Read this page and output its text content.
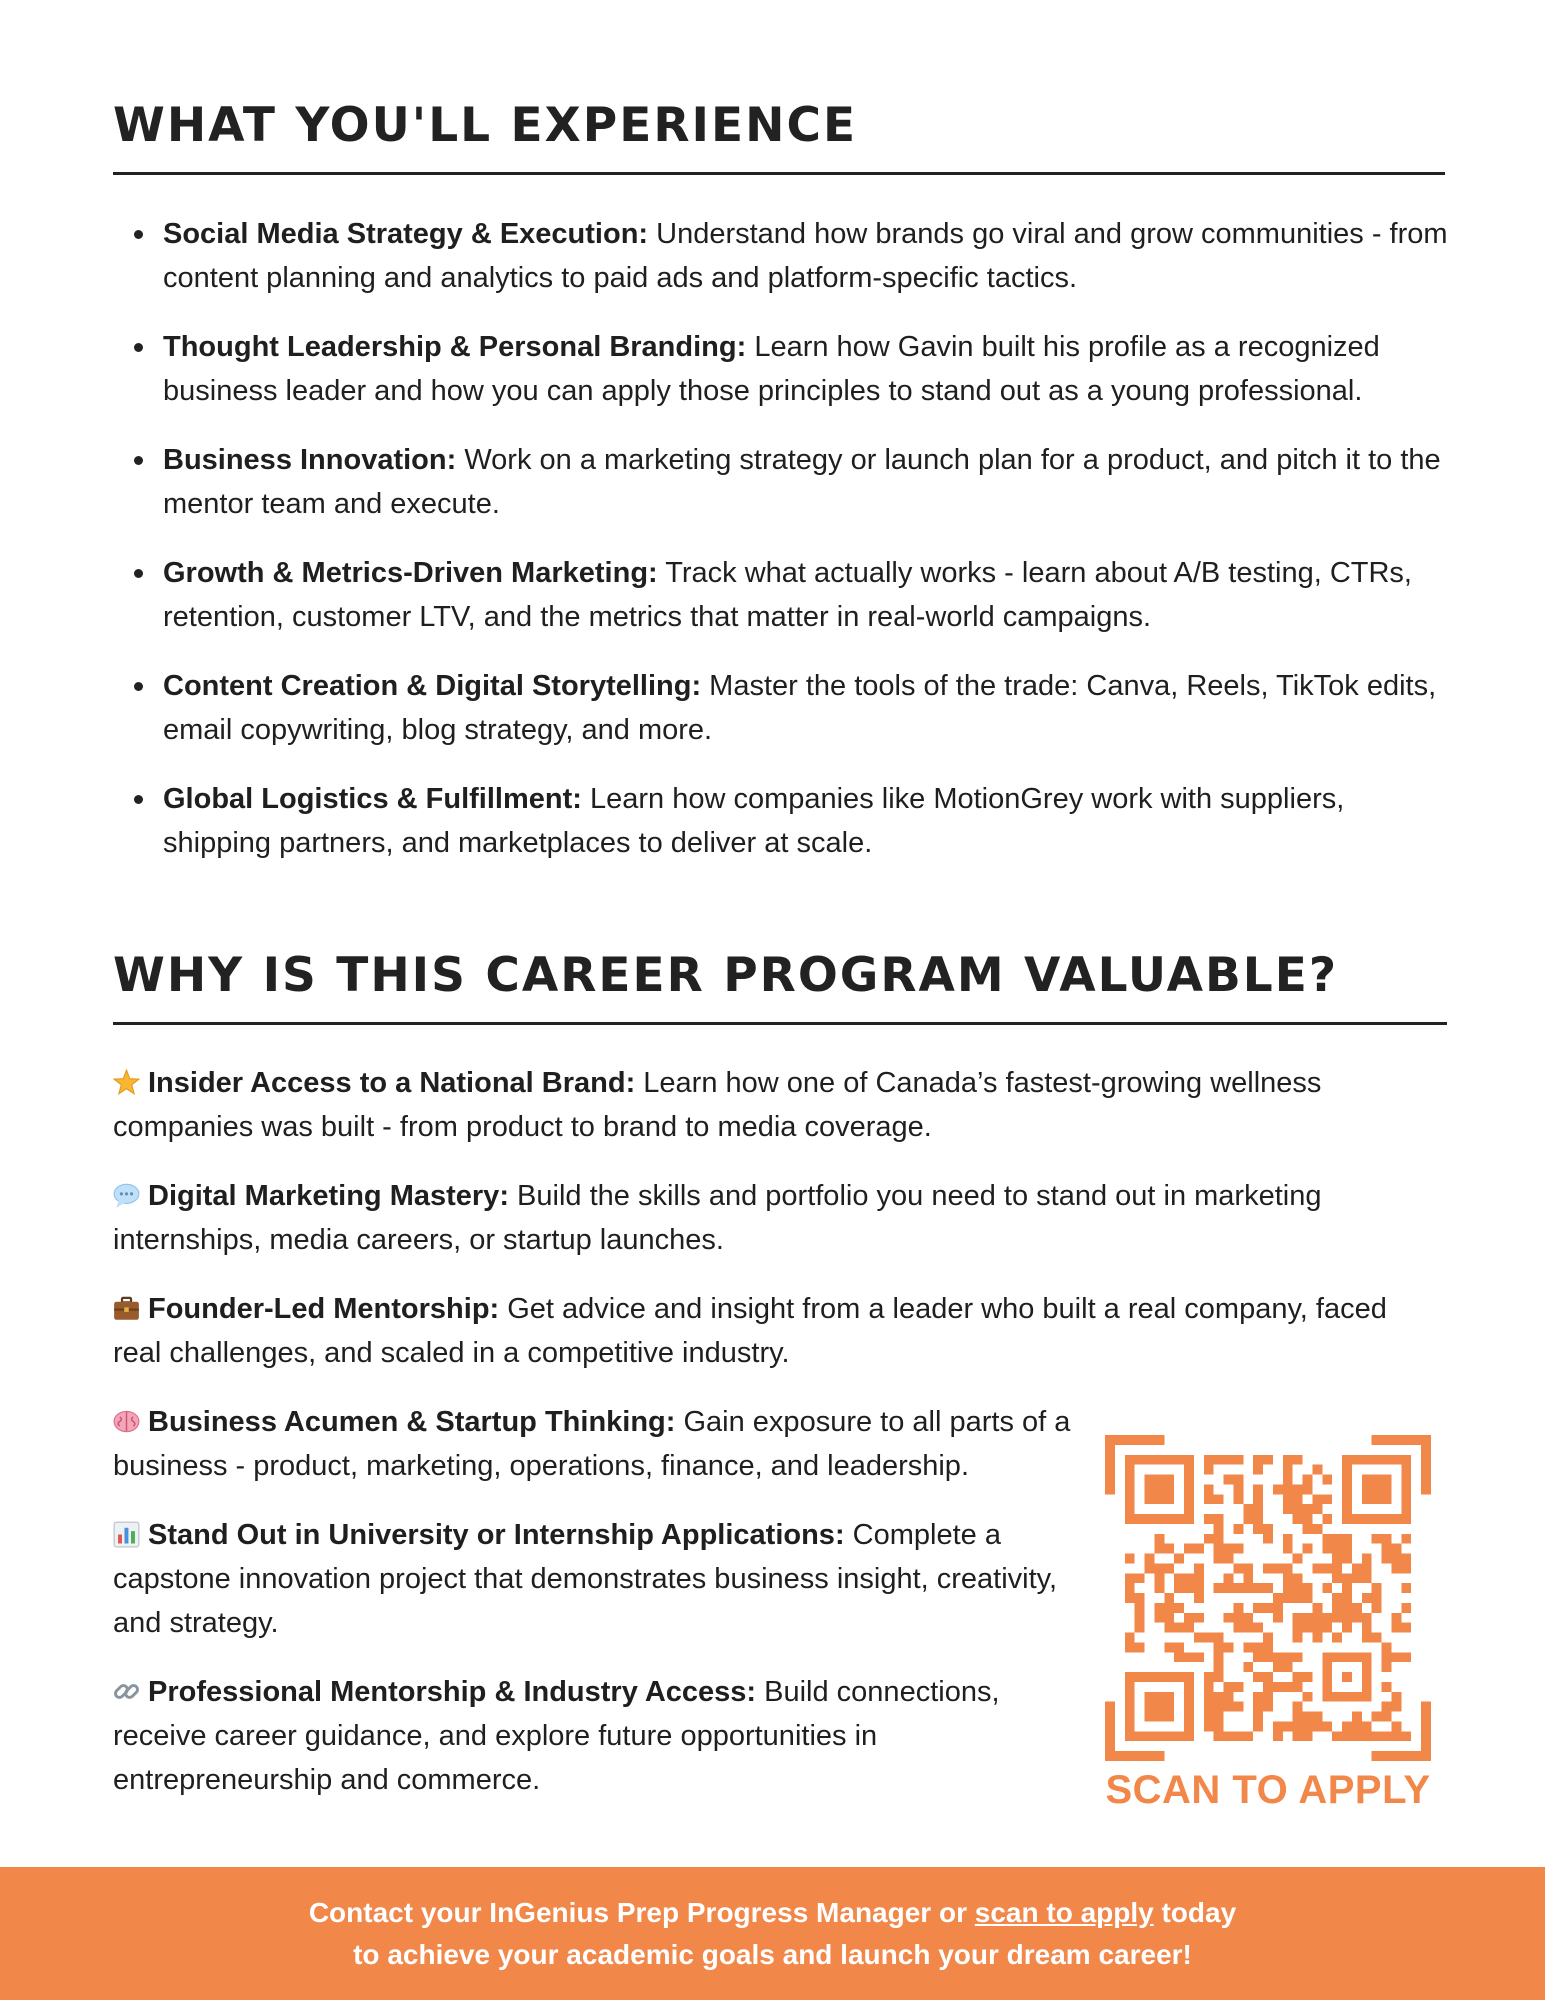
WHAT YOU'LL EXPERIENCE
Social Media Strategy & Execution: Understand how brands go viral and grow communities - from content planning and analytics to paid ads and platform-specific tactics.
Thought Leadership & Personal Branding: Learn how Gavin built his profile as a recognized business leader and how you can apply those principles to stand out as a young professional.
Business Innovation: Work on a marketing strategy or launch plan for a product, and pitch it to the mentor team and execute.
Growth & Metrics-Driven Marketing: Track what actually works - learn about A/B testing, CTRs, retention, customer LTV, and the metrics that matter in real-world campaigns.
Content Creation & Digital Storytelling: Master the tools of the trade: Canva, Reels, TikTok edits, email copywriting, blog strategy, and more.
Global Logistics & Fulfillment: Learn how companies like MotionGrey work with suppliers, shipping partners, and marketplaces to deliver at scale.
WHY IS THIS CAREER PROGRAM VALUABLE?
Insider Access to a National Brand: Learn how one of Canada’s fastest-growing wellness companies was built - from product to brand to media coverage.
Digital Marketing Mastery: Build the skills and portfolio you need to stand out in marketing internships, media careers, or startup launches.
Founder-Led Mentorship: Get advice and insight from a leader who built a real company, faced real challenges, and scaled in a competitive industry.
Business Acumen & Startup Thinking: Gain exposure to all parts of a business - product, marketing, operations, finance, and leadership.
Stand Out in University or Internship Applications: Complete a capstone innovation project that demonstrates business insight, creativity, and strategy.
Professional Mentorship & Industry Access: Build connections, receive career guidance, and explore future opportunities in entrepreneurship and commerce.	SCAN TO APPLY
Contact your InGenius Prep Progress Manager or scan to apply today
to achieve your academic goals and launch your dream career!
